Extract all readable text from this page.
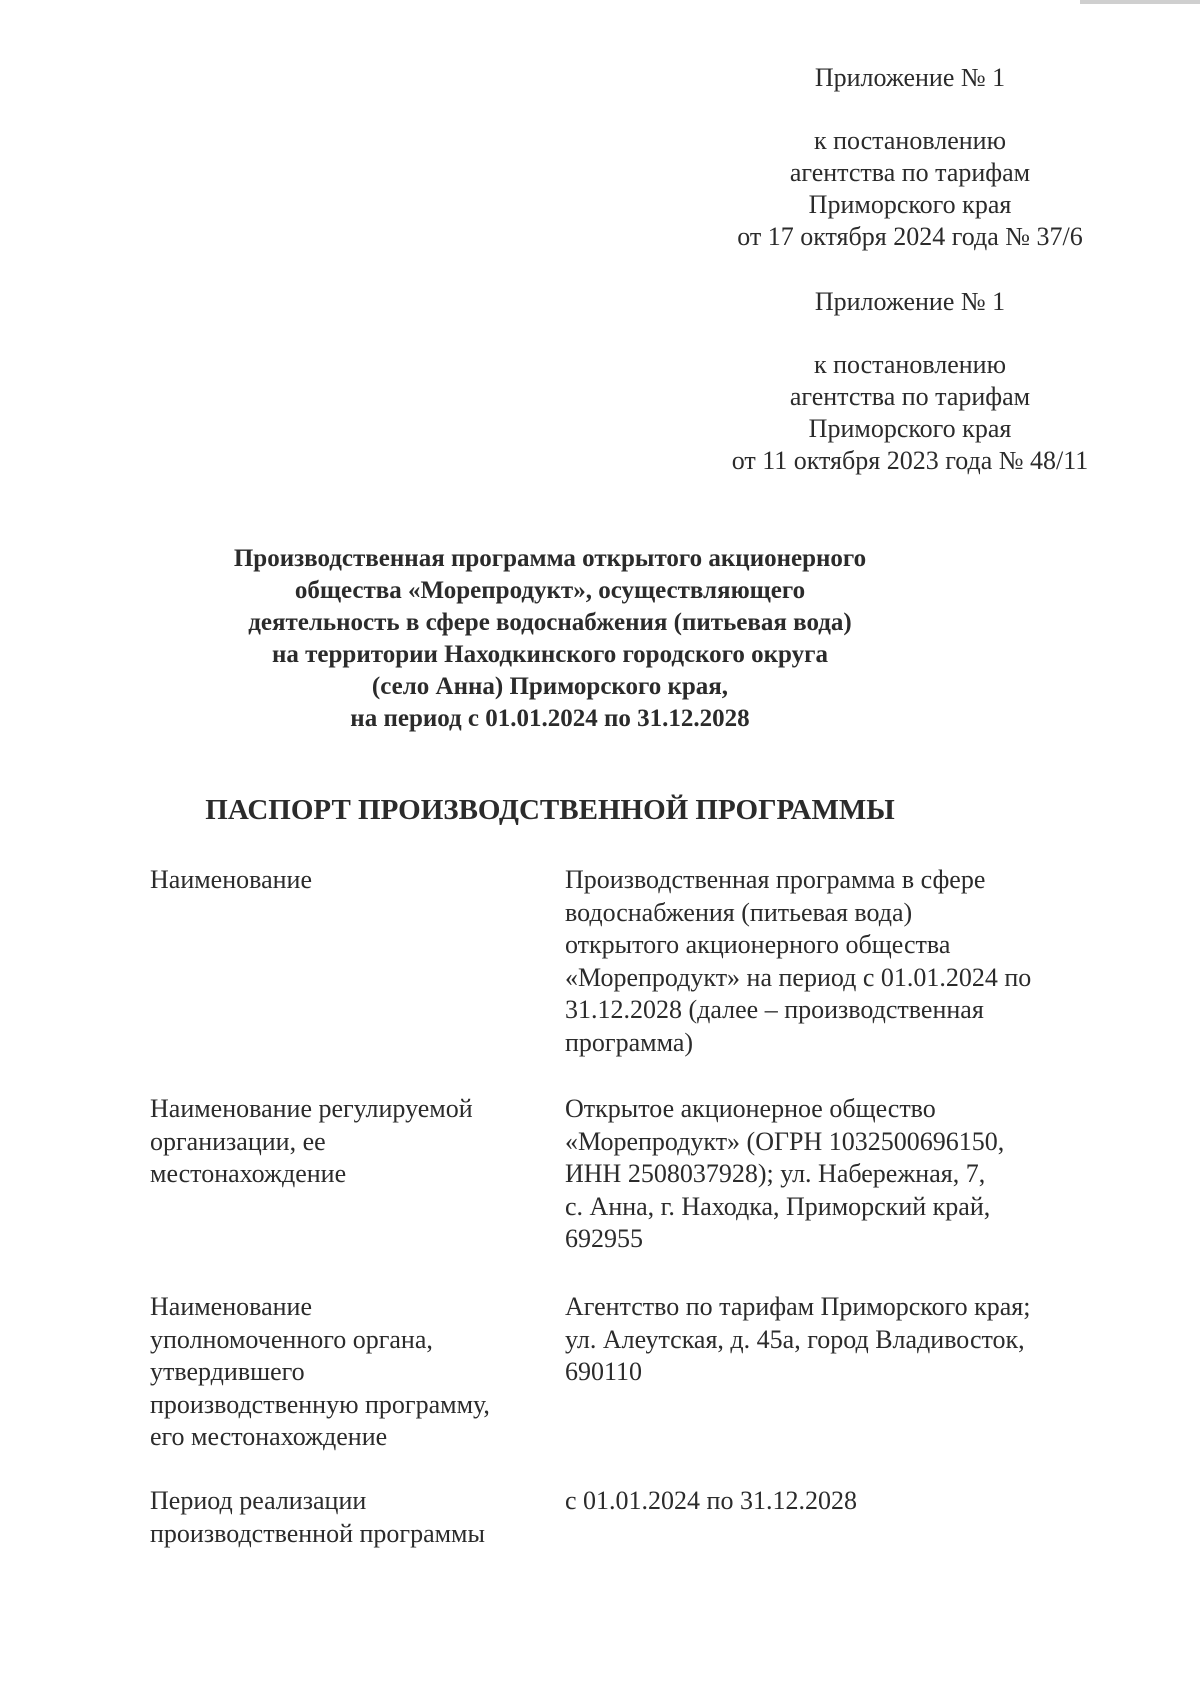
Приложение № 1
к постановлению
агентства по тарифам
Приморского края
от 17 октября 2024 года № 37/6
Приложение № 1
к постановлению
агентства по тарифам
Приморского края
от 11 октября 2023 года № 48/11
Производственная программа открытого акционерного
общества «Морепродукт», осуществляющего
деятельность в сфере водоснабжения (питьевая вода)
на территории Находкинского городского округа
(село Анна) Приморского края,
на период с 01.01.2024 по 31.12.2028
ПАСПОРТ ПРОИЗВОДСТВЕННОЙ ПРОГРАММЫ
Наименование	Производственная программа в сфере
водоснабжения (питьевая вода)
открытого акционерного общества
«Морепродукт» на период с 01.01.2024 по
31.12.2028 (далее – производственная
программа)
Наименование регулируемой
организации, ее
местонахождение
Открытое акционерное общество
«Морепродукт» (ОГРН 1032500696150,
ИНН 2508037928); ул. Набережная, 7,
с. Анна, г. Находка, Приморский край,
692955
Наименование
уполномоченного органа,
утвердившего
производственную программу,
его местонахождение
Агентство по тарифам Приморского края;
ул. Алеутская, д. 45а, город Владивосток,
690110
Период реализации
производственной программы
с 01.01.2024 по 31.12.2028
